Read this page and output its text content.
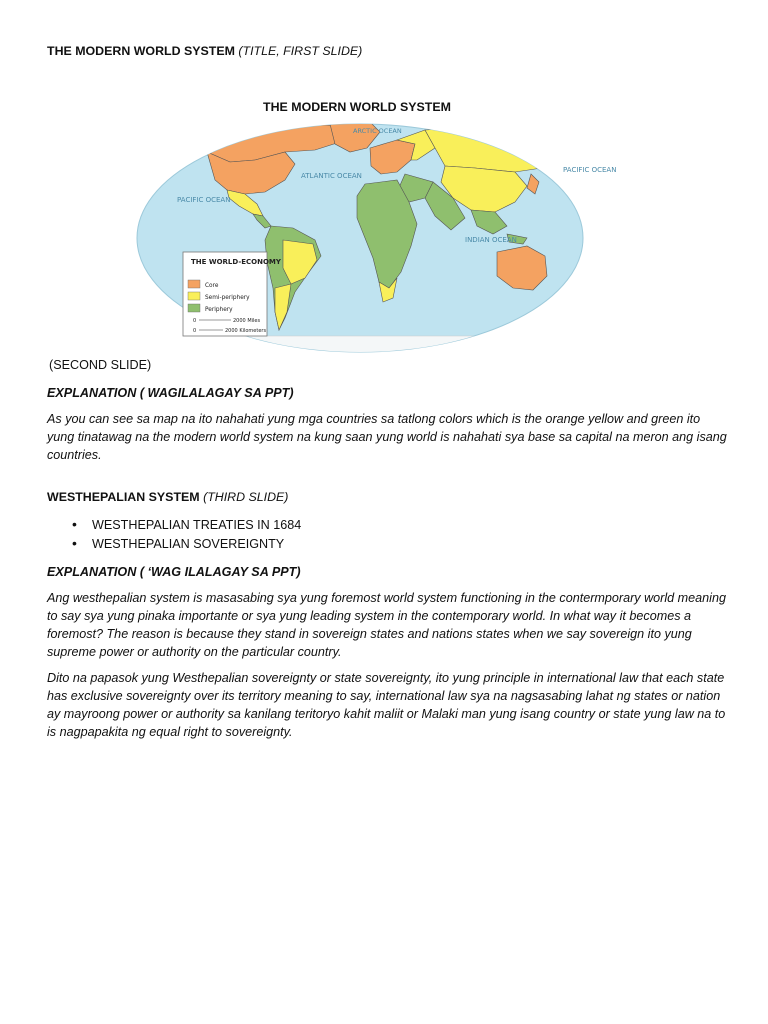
THE MODERN WORLD SYSTEM (TITLE, FIRST SLIDE)
THE MODERN WORLD SYSTEM
ARCTIC OCEAN
ATLANTIC OCEAN
PACIFIC OCEAN
PACIFIC OCEAN
INDIAN OCEAN
THE WORLD-ECONOMY
Core
Semi-periphery
Periphery
0	2000 Miles
0	2000 Kilometers
(SECOND SLIDE)
EXPLANATION ( WAGILALAGAY SA PPT)

As you can see sa map na ito nahahati yung mga countries sa tatlong colors which is the orange yellow and green ito yung tinatawag na the modern world system na kung saan yung world is nahahati sya base sa capital na meron ang isang countries.

WESTHEPALIAN SYSTEM (THIRD SLIDE)
• WESTHEPALIAN TREATIES IN 1684
• WESTHEPALIAN SOVEREIGNTY
EXPLANATION ( ‘WAG ILALAGAY SA PPT)

Ang westhepalian system is masasabing sya yung foremost world system functioning in the contermporary world meaning to say sya yung pinaka importante or sya yung leading system in the contemporary world. In what way it becomes a foremost? The reason is because they stand in sovereign states and nations states when we say sovereign ito yung supreme power or authority on the particular country.

Dito na papasok yung Westhepalian sovereignty or state sovereignty, ito yung principle in international law that each state has exclusive sovereignty over its territory meaning to say, international law sya na nagsasabing lahat ng states or nation ay mayroong power or authority sa kanilang teritoryo kahit maliit or Malaki man yung isang country or state yung law na to is nagpapakita ng equal right to sovereignty.
